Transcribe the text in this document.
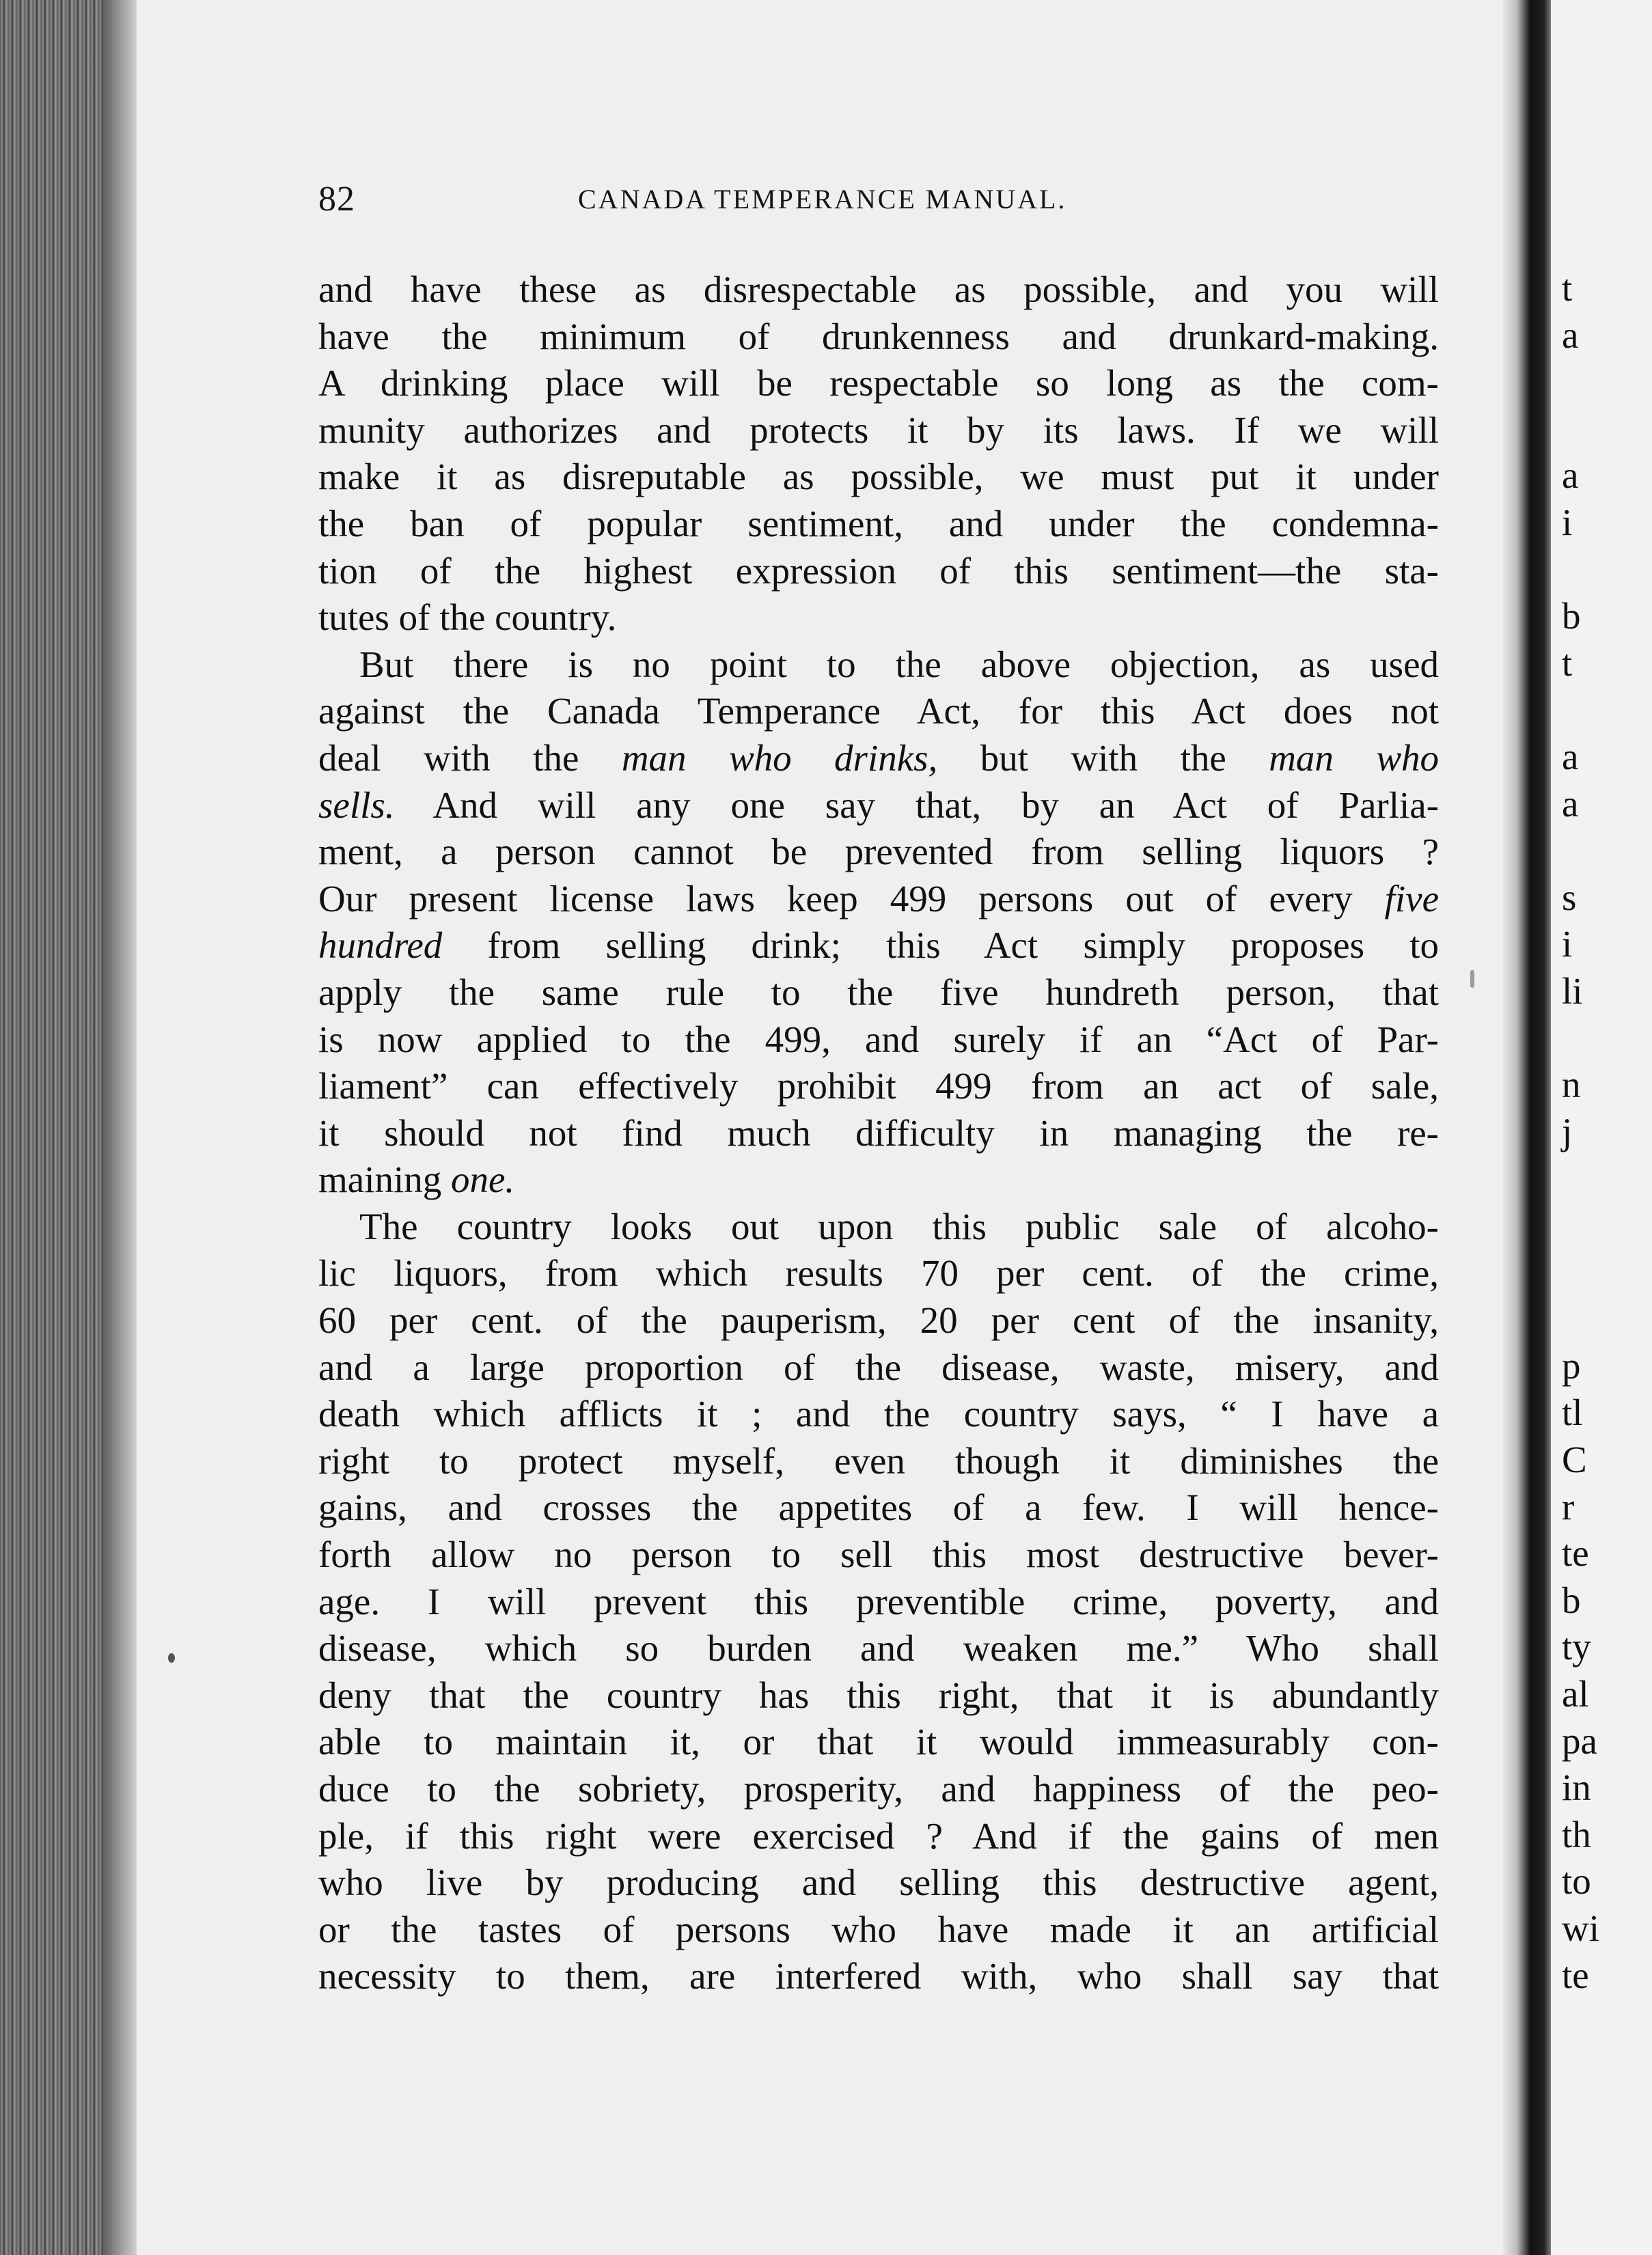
t
a
a
i
b
t
a
a
s
i
li
n
j
p
tl
C
r
te
b
ty
al
pa
in
th
to
wi
te
82	CANADA TEMPERANCE MANUAL.
and have these as disrespectable as possible, and you will
have the minimum of drunkenness and drunkard-making.
A drinking place will be respectable so long as the com-
munity authorizes and protects it by its laws. If we will
make it as disreputable as possible, we must put it under
the ban of popular sentiment, and under the condemna-
tion of the highest expression of this sentiment—the sta-
tutes of the country.
But there is no point to the above objection, as used
against the Canada Temperance Act, for this Act does not
deal with the man who drinks, but with the man who
sells. And will any one say that, by an Act of Parlia-
ment, a person cannot be prevented from selling liquors ?
Our present license laws keep 499 persons out of every five
hundred from selling drink; this Act simply proposes to
apply the same rule to the five hundreth person, that
is now applied to the 499, and surely if an “Act of Par-
liament” can effectively prohibit 499 from an act of sale,
it should not find much difficulty in managing the re-
maining one.
The country looks out upon this public sale of alcoho-
lic liquors, from which results 70 per cent. of the crime,
60 per cent. of the pauperism, 20 per cent of the insanity,
and a large proportion of the disease, waste, misery, and
death which afflicts it ; and the country says, “ I have a
right to protect myself, even though it diminishes the
gains, and crosses the appetites of a few. I will hence-
forth allow no person to sell this most destructive bever-
age. I will prevent this preventible crime, poverty, and
disease, which so burden and weaken me.” Who shall
deny that the country has this right, that it is abundantly
able to maintain it, or that it would immeasurably con-
duce to the sobriety, prosperity, and happiness of the peo-
ple, if this right were exercised ? And if the gains of men
who live by producing and selling this destructive agent,
or the tastes of persons who have made it an artificial
necessity to them, are interfered with, who shall say that
